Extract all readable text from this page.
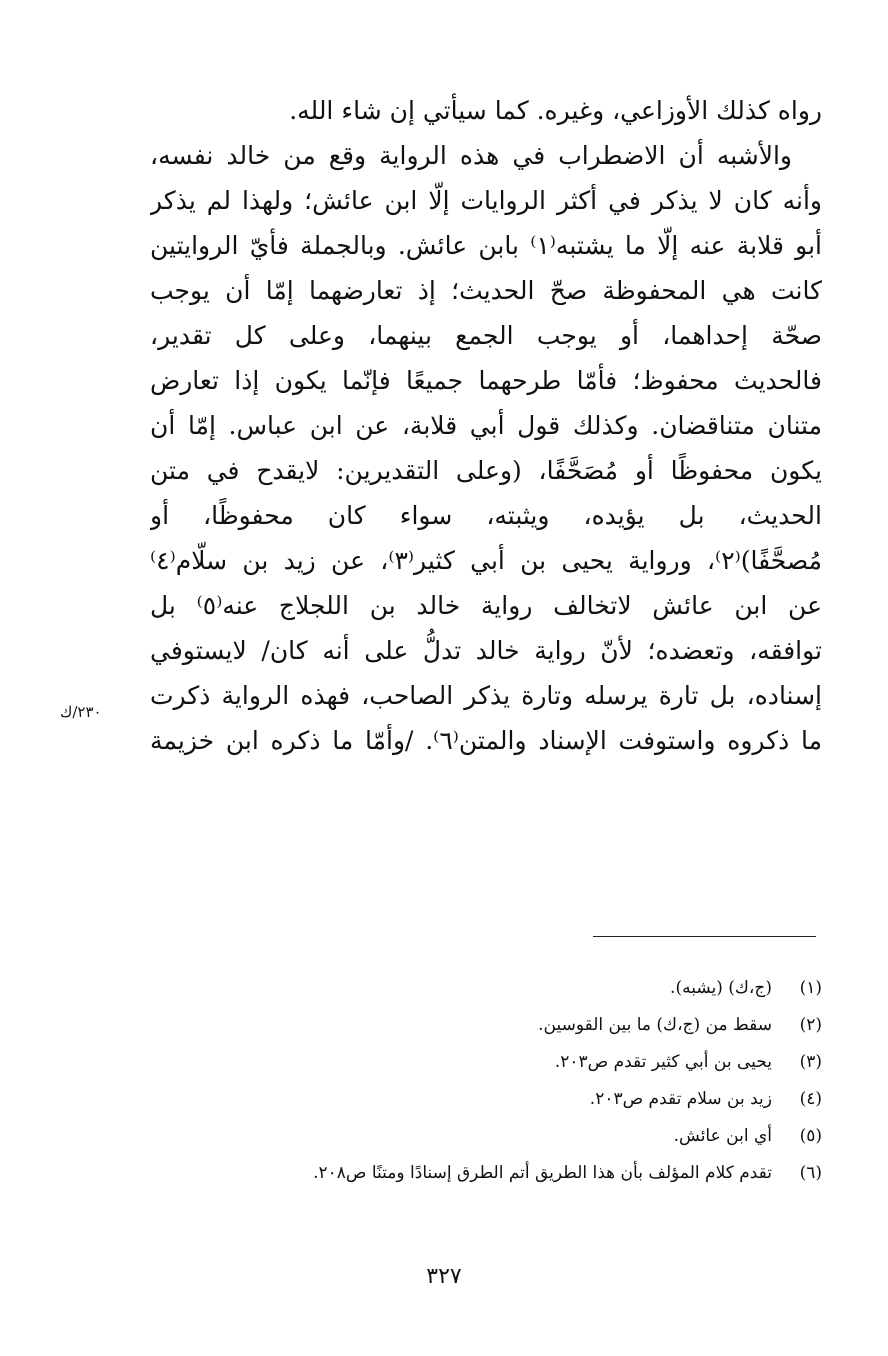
رواه كذلك الأوزاعي، وغيره. كما سيأتي إن شاء الله.
والأشبه أن الاضطراب في هذه الرواية وقع من خالد نفسه،
وأنه كان لا يذكر في أكثر الروايات إلّا ابن عائش؛ ولهذا لم يذكر
أبو قلابة عنه إلّا ما يشتبه⁽١⁾ بابن عائش. وبالجملة فأيّ الروايتين
كانت هي المحفوظة صحّ الحديث؛ إذ تعارضهما إمّا أن يوجب
صحّة إحداهما، أو يوجب الجمع بينهما، وعلى كل تقدير،
فالحديث محفوظ؛ فأمّا طرحهما جميعًا فإنّما يكون إذا تعارض
متنان متناقضان. وكذلك قول أبي قلابة، عن ابن عباس. إمّا أن
يكون محفوظًا أو مُصَحَّفًا، (وعلى التقديرين: لايقدح في متن
الحديث، بل يؤيده، ويثبته، سواء كان محفوظًا، أو
مُصحَّفًا)⁽٢⁾، ورواية يحيى بن أبي كثير⁽٣⁾، عن زيد بن سلّام⁽٤⁾
عن ابن عائش لاتخالف رواية خالد بن اللجلاج عنه⁽٥⁾ بل
توافقه، وتعضده؛ لأنّ رواية خالد تدلُّ على أنه كان/ لايستوفي
إسناده، بل تارة يرسله وتارة يذكر الصاحب، فهذه الرواية ذكرت
ما ذكروه واستوفت الإسناد والمتن⁽٦⁾. /وأمّا ما ذكره ابن خزيمة
٢٣٠/ك
(١)
(ج،ك) (يشبه).
(٢)
سقط من (ج،ك) ما بين القوسين.
(٣)
يحيى بن أبي كثير تقدم ص٢٠٣.
(٤)
زيد بن سلام تقدم ص٢٠٣.
(٥)
أي ابن عائش.
(٦)
تقدم كلام المؤلف بأن هذا الطريق أتم الطرق إسنادًا ومتنًا ص٢٠٨.
٣٢٧
